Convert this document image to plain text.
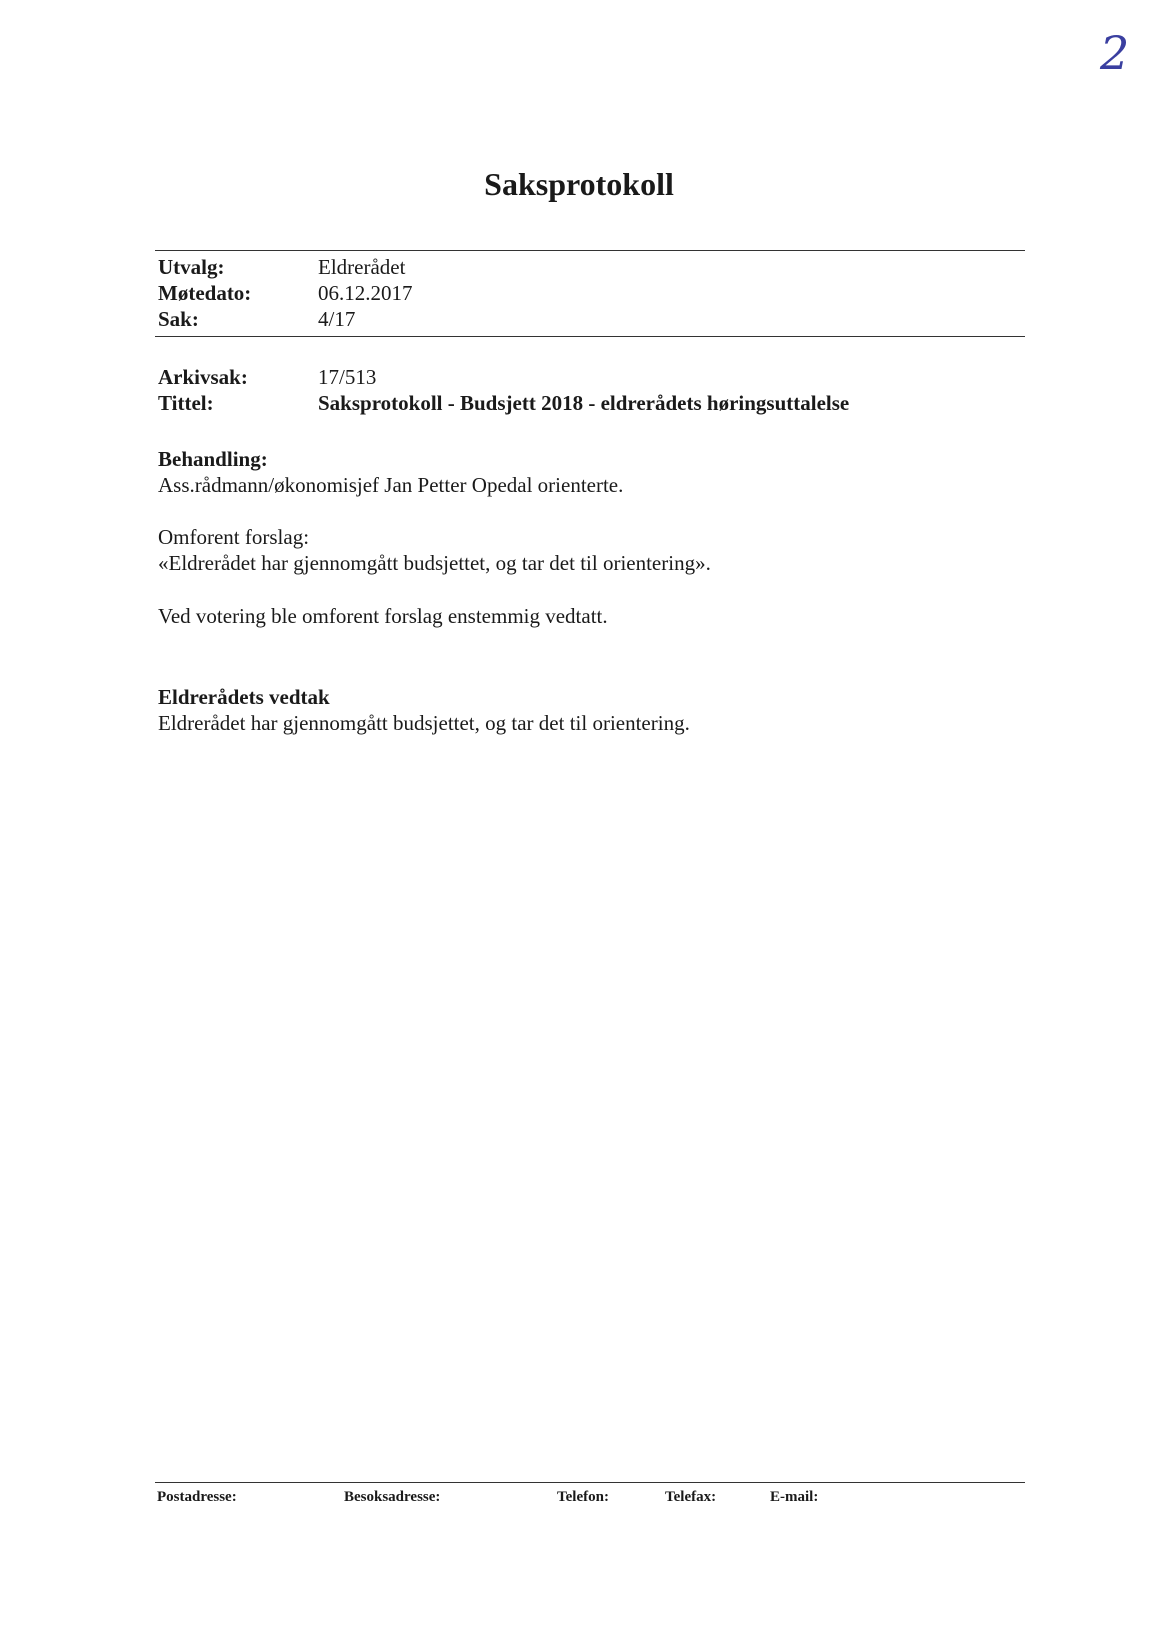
2
Saksprotokoll
Utvalg:	Eldrerådet
Møtedato:	06.12.2017
Sak:	4/17
Arkivsak:	17/513
Tittel:	Saksprotokoll - Budsjett 2018 - eldrerådets høringsuttalelse
Behandling:
Ass.rådmann/økonomisjef Jan Petter Opedal orienterte.
Omforent forslag:
«Eldrerådet har gjennomgått budsjettet, og tar det til orientering».
Ved votering ble omforent forslag enstemmig vedtatt.
Eldrerådets vedtak
Eldrerådet har gjennomgått budsjettet, og tar det til orientering.
Postadresse:	Besoksadresse:	Telefon:	Telefax:	E-mail:
